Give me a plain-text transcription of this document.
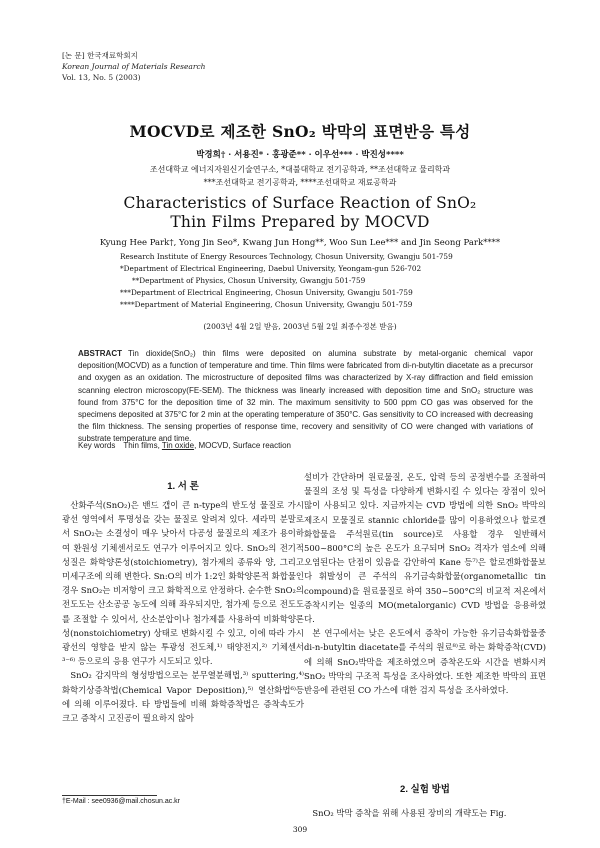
[논 문] 한국재료학회지
Korean Journal of Materials Research
Vol. 13, No. 5 (2003)
MOCVD로 제조한 SnO₂ 박막의 표면반응 특성
박경희† · 서용진* · 홍광준** · 이우선*** · 박진성****
조선대학교 에너지자원신기술연구소, *대불대학교 전기공학과, **조선대학교 물리학과
***조선대학교 전기공학과, ****조선대학교 재료공학과
Characteristics of Surface Reaction of SnO₂
Thin Films Prepared by MOCVD
Kyung Hee Park†, Yong Jin Seo*, Kwang Jun Hong**, Woo Sun Lee*** and Jin Seong Park****
Research Institute of Energy Resources Technology, Chosun University, Gwangju 501-759
*Department of Electrical Engineering, Daebul University, Yeongam-gun 526-702
**Department of Physics, Chosun University, Gwangju 501-759
***Department of Electrical Engineering, Chosun University, Gwangju 501-759
****Department of Material Engineering, Chosun University, Gwangju 501-759
(2003년 4월 2일 받음, 2003년 5월 2일 최종수정본 받음)
ABSTRACT Tin dioxide(SnO₂) thin films were deposited on alumina substrate by metal-organic chemical vapor deposition(MOCVD) as a function of temperature and time. Thin films were fabricated from di-n-butyltin diacetate as a precursor and oxygen as an oxidation. The microstructure of deposited films was characterized by X-ray diffraction and field emission scanning electron microscopy(FE-SEM). The thickness was linearly increased with deposition time and SnO₂ structure was found from 375°C for the deposition time of 32 min. The maximum sensitivity to 500 ppm CO gas was observed for the specimens deposited at 375°C for 2 min at the operating temperature of 350°C. Gas sensitivity to CO increased with decreasing the film thickness. The sensing properties of response time, recovery and sensitivity of CO were changed with variations of substrate temperature and time.
Key words Thin films, Tin oxide, MOCVD, Surface reaction
1. 서 론

산화주석(SnO₂)은 밴드 갭이 큰 n-type의 반도성 물질로 가시광선 영역에서 투명성을 갖는 물질로 알려져 있다. 세라믹 분말로서 SnO₂는 소결성이 매우 낮아서 다공성 물질로의 제조가 용이하여 환원성 기체센서로도 연구가 이루어지고 있다. SnO₂의 전기적 성질은 화학양론성(stoichiometry), 첨가제의 종류와 양, 그리고 미세구조에 의해 변한다. Sn:O의 비가 1:2인 화학양론적 화합물인 경우 SnO₂는 비저항이 크고 화학적으로 안정하다. 순수한 SnO₂의 전도도는 산소공공 농도에 의해 좌우되지만, 첨가제 등으로 전도도를 조절할 수 있어서, 산소분압이나 첨가제를 사용하여 비화학양론성(nonstoichiometry) 상태로 변화시킬 수 있고, 이에 따라 가시광선의 영향을 받지 않는 투광성 전도체,¹⁾ 태양전지,²⁾ 기체센서³⁻⁶⁾ 등으로의 응용 연구가 시도되고 있다.

SnO₂ 감지막의 형성방법으로는 분무열분해법,³⁾ sputtering,⁴⁾ 화학기상증착법(Chemical Vapor Deposition),⁵⁾ 열산화법⁶⁾등에 의해 이루어졌다. 타 방법들에 비해 화학증착법은 증착속도가 크고 증착시 고진공이 필요하지 않아

설비가 간단하며 원료물질, 온도, 압력 등의 공정변수를 조절하여 물질의 조성 및 특성을 다양하게 변화시킬 수 있다는 장점이 있어 많이 사용되고 있다. 지금까지는 CVD 방법에 의한 SnO₂ 박막의 제조시 모물질로 stannic chloride를 많이 이용하였으나 할로겐 화합물을 주석원료(tin source)로 사용할 경우 일반해서 500~800°C의 높은 온도가 요구되며 SnO₂ 격자가 염소에 의해 오염된다는 단점이 있음을 감안하여 Kane 등⁷⁾은 할로겐화합물보다 휘발성이 큰 주석의 유기금속화합물(organometallic tin compound)을 원료물질로 하여 350~500°C의 비교적 저온에서 증착시키는 일종의 MO(metalorganic) CVD 방법을 응용하였다.

본 연구에서는 낮은 온도에서 증착이 가능한 유기금속화합물중 di-n-butyltin diacetate를 주석의 원료⁸⁾로 하는 화학증착(CVD)에 의해 SnO₂박막을 제조하였으며 증착온도와 시간을 변화시켜 SnO₂ 박막의 구조적 특성을 조사하였다. 또한 제조한 박막의 표면 반응에 관련된 CO 가스에 대한 검지 특성을 조사하였다.

2. 실험 방법
SnO₂ 박막 증착을 위해 사용된 장비의 개략도는 Fig.
†E-Mail : see0936@mail.chosun.ac.kr
309
